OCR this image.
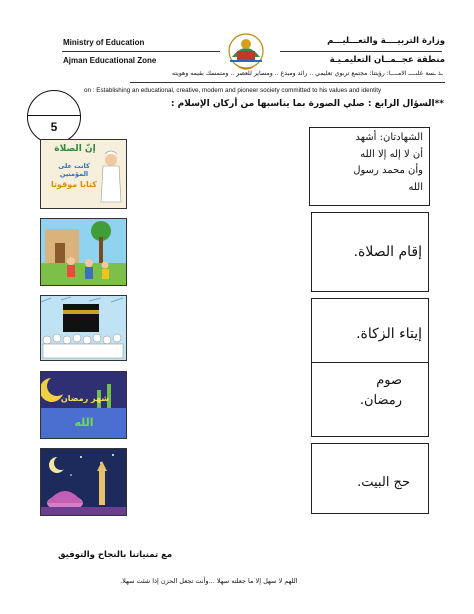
Ministry of Education
Ajman Educational Zone
وزارة التربيــــة والتعـــليـــم
منطقة عجــمــان التعليمـيـة
ـذ ـسة علىــــ الامــــا: رؤيتنا: مجتمع تربوي تعليمي .. رائد ومبدع .. ومساير للعصر .. ومتمسك بقيمه وهويته
on : Establishing an educational, creative, modern and pioneer society committed to his values and identity
5
**السؤال الرابع : صلي الصورة بما يناسبها من أركان الإسلام :
إنّ الصلاة
كانت على المؤمنين
كتابا موقوتا
شهر رمضان
الله
الشهادتان: أشهد
أن لا إله إلا الله
وأن محمد رسول
الله
إقام الصلاة.
إيتاء الزكاة.
صوم
رمضان.
حج البيت.
مع تمنياتنا بالنجاح والتوفيق
اللهم لا سهل إلا ما جعلته سهلا ...وأنت تجعل الحزن إذا شئت سهلا.
